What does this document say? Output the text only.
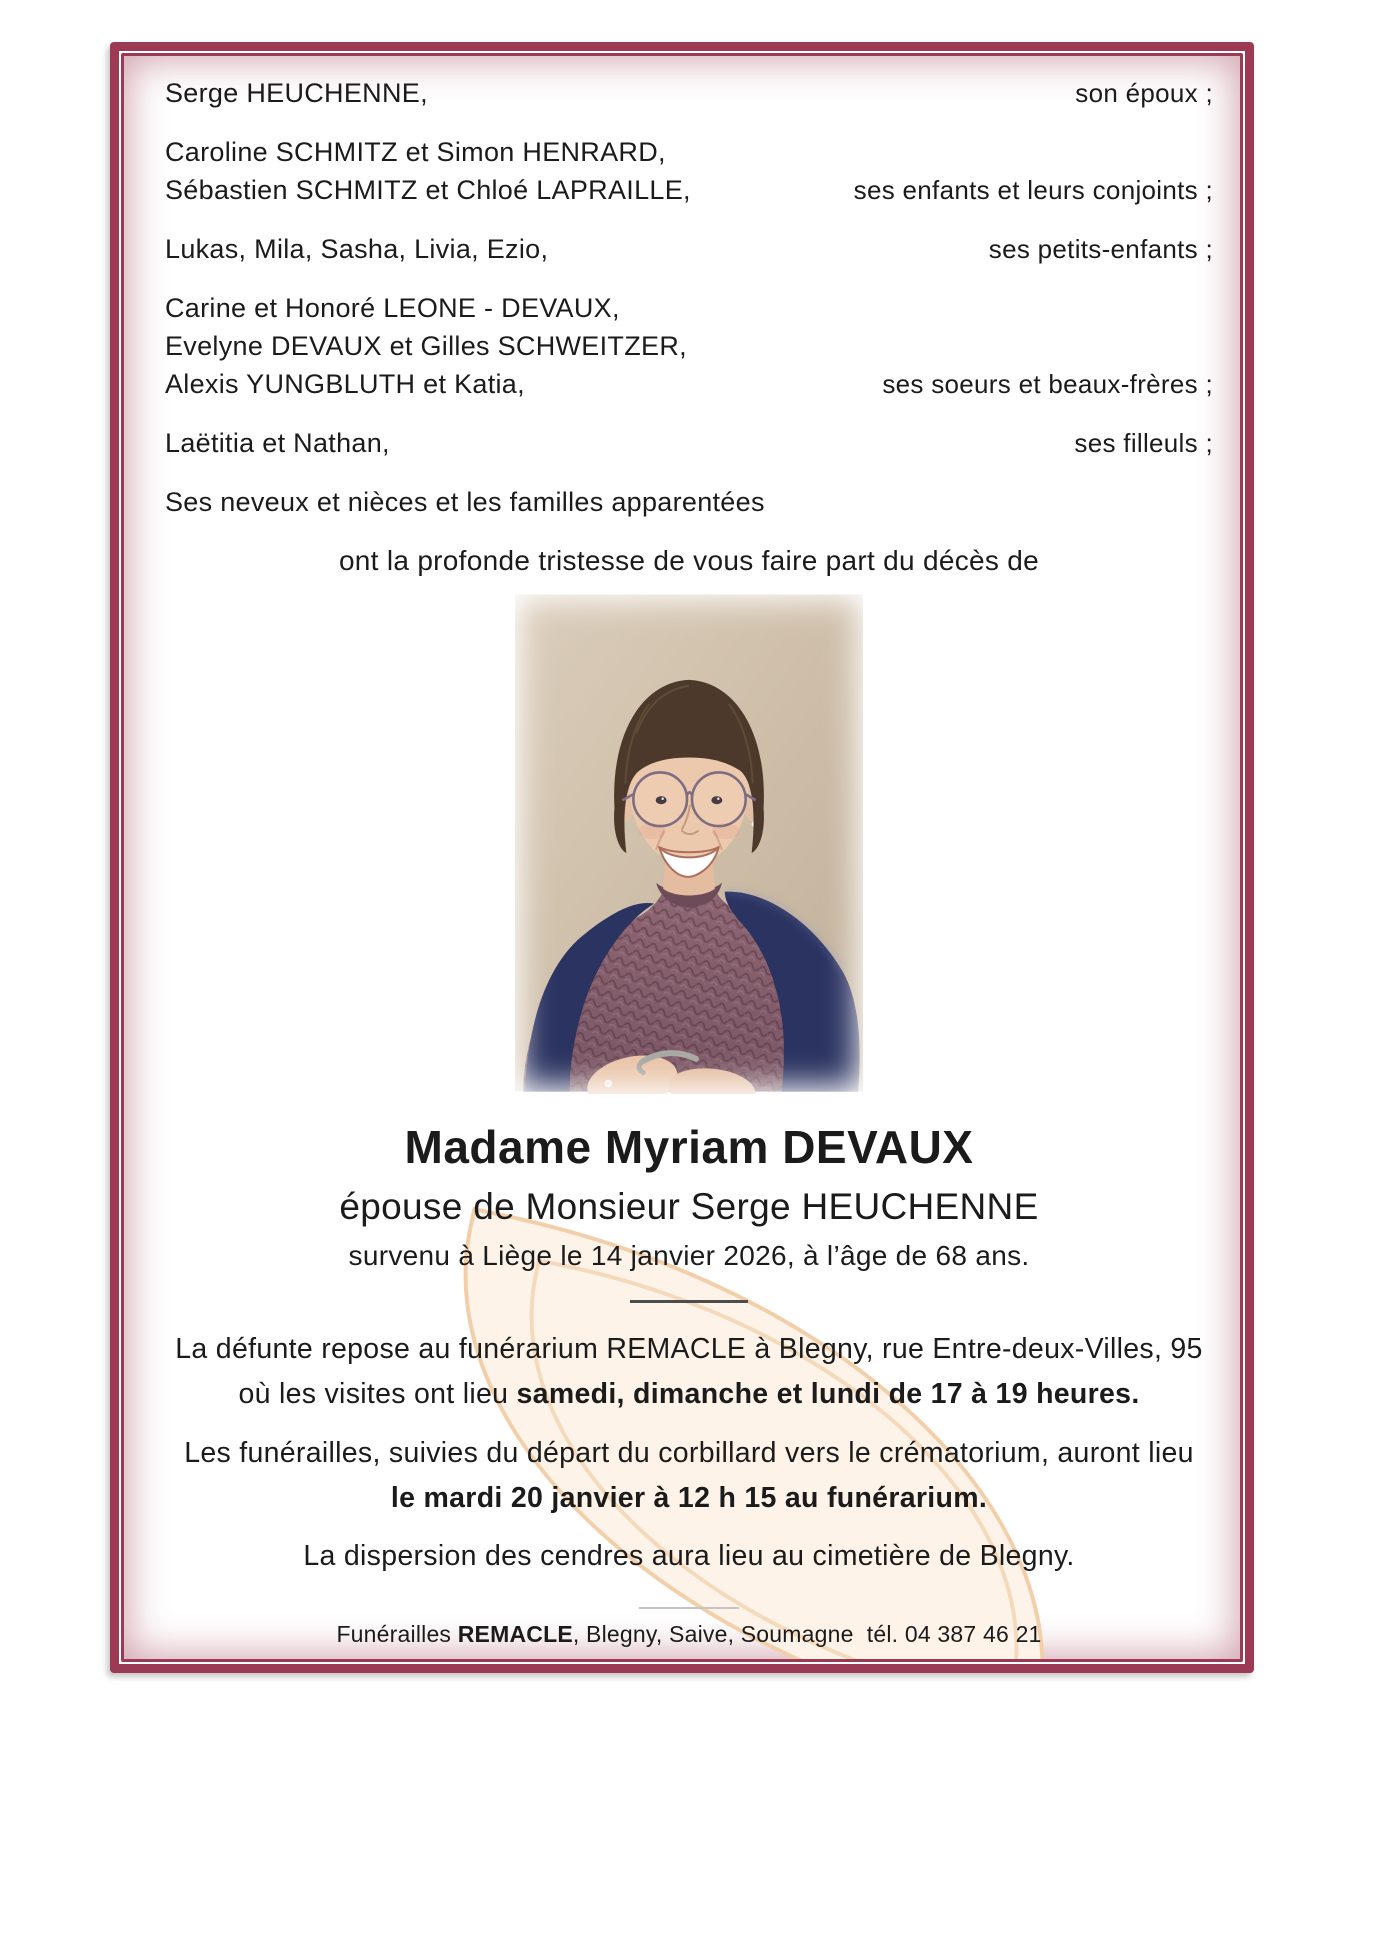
Serge HEUCHENNE,	son époux ;
Caroline SCHMITZ et Simon HENRARD,
Sébastien SCHMITZ et Chloé LAPRAILLE,	ses enfants et leurs conjoints ;
Lukas, Mila, Sasha, Livia, Ezio,	ses petits-enfants ;
Carine et Honoré LEONE - DEVAUX,
Evelyne DEVAUX et Gilles SCHWEITZER,
Alexis YUNGBLUTH et Katia,	ses soeurs et beaux-frères ;
Laëtitia et Nathan,	ses filleuls ;
Ses neveux et nièces et les familles apparentées
ont la profonde tristesse de vous faire part du décès de
Madame Myriam DEVAUX
épouse de Monsieur Serge HEUCHENNE
survenu à Liège le 14 janvier 2026, à l’âge de 68 ans.
La défunte repose au funérarium REMACLE à Blegny, rue Entre-deux-Villes, 95
où les visites ont lieu samedi, dimanche et lundi de 17 à 19 heures.
Les funérailles, suivies du départ du corbillard vers le crématorium, auront lieu
le mardi 20 janvier à 12 h 15 au funérarium.
La dispersion des cendres aura lieu au cimetière de Blegny.
Funérailles REMACLE, Blegny, Saive, Soumagne  tél. 04 387 46 21
